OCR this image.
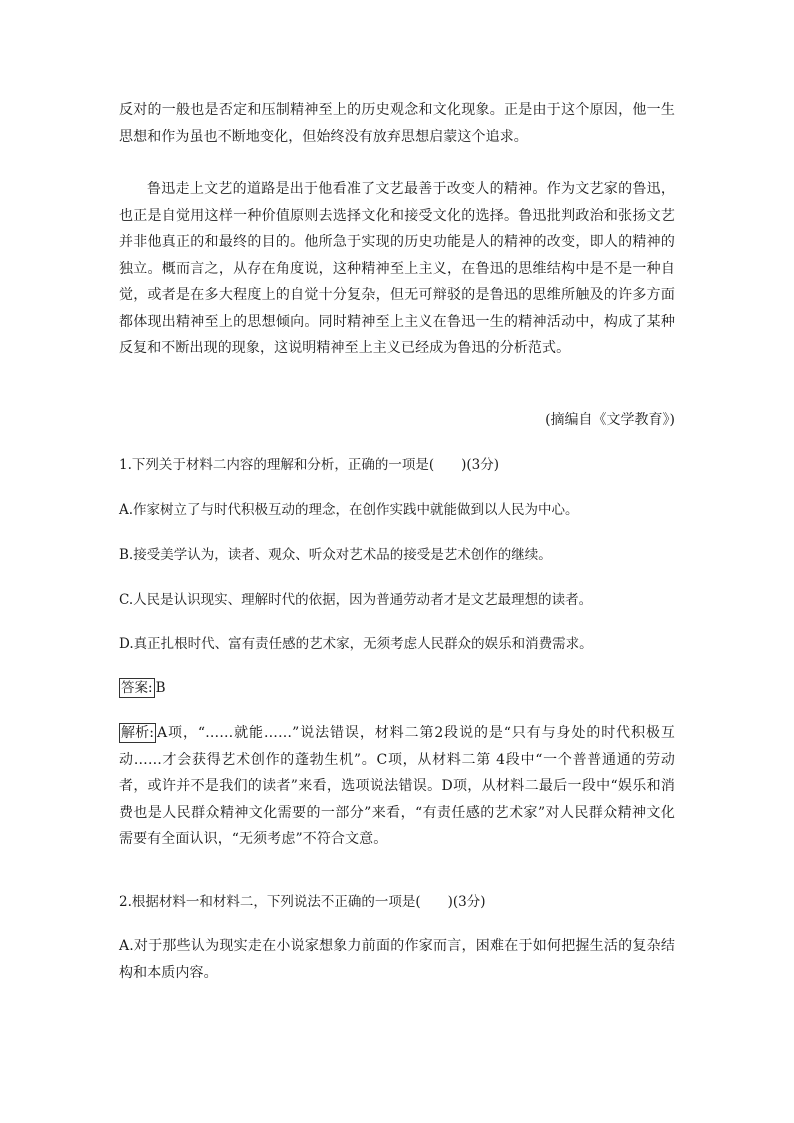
反对的一般也是否定和压制精神至上的历史观念和文化现象。正是由于这个原因，他一生思想和作为虽也不断地变化，但始终没有放弃思想启蒙这个追求。

鲁迅走上文艺的道路是出于他看准了文艺最善于改变人的精神。作为文艺家的鲁迅，也正是自觉用这样一种价值原则去选择文化和接受文化的选择。鲁迅批判政治和张扬文艺并非他真正的和最终的目的。他所急于实现的历史功能是人的精神的改变，即人的精神的独立。概而言之，从存在角度说，这种精神至上主义，在鲁迅的思维结构中是不是一种自觉，或者是在多大程度上的自觉十分复杂，但无可辩驳的是鲁迅的思维所触及的许多方面都体现出精神至上的思想倾向。同时精神至上主义在鲁迅一生的精神活动中，构成了某种反复和不断出现的现象，这说明精神至上主义已经成为鲁迅的分析范式。

(摘编自《文学教育》)

1.下列关于材料二内容的理解和分析，正确的一项是(　　)(3分)

A.作家树立了与时代积极互动的理念，在创作实践中就能做到以人民为中心。

B.接受美学认为，读者、观众、听众对艺术品的接受是艺术创作的继续。

C.人民是认识现实、理解时代的依据，因为普通劳动者才是文艺最理想的读者。

D.真正扎根时代、富有责任感的艺术家，无须考虑人民群众的娱乐和消费需求。

答案: B

解析: A项，“……就能……”说法错误，材料二第2段说的是“只有与身处的时代积极互动……才会获得艺术创作的蓬勃生机”。C项，从材料二第 4段中“一个普普通通的劳动者，或许并不是我们的读者”来看，选项说法错误。D项，从材料二最后一段中“娱乐和消费也是人民群众精神文化需要的一部分”来看，“有责任感的艺术家”对人民群众精神文化需要有全面认识，“无须考虑”不符合文意。

2.根据材料一和材料二，下列说法不正确的一项是(　　)(3分)

A.对于那些认为现实走在小说家想象力前面的作家而言，困难在于如何把握生活的复杂结构和本质内容。
